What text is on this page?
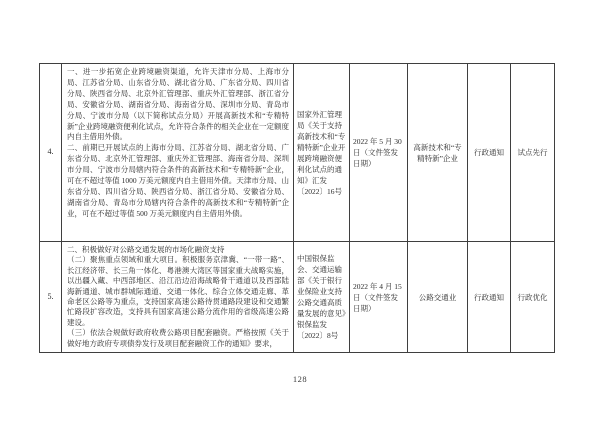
4.

一、进一步拓宽企业跨境融资渠道，允许天津市分局、上海市分局、江苏省分局、山东省分局、湖北省分局、广东省分局、四川省分局、陕西省分局、北京外汇管理部、重庆外汇管理部、浙江省分局、安徽省分局、湖南省分局、海南省分局、深圳市分局、青岛市分局、宁波市分局（以下简称试点分局）开展高新技术和“专精特新”企业跨境融资便利化试点，允许符合条件的相关企业在一定额度内自主借用外债。

二、前期已开展试点的上海市分局、江苏省分局、湖北省分局、广东省分局、北京外汇管理部、重庆外汇管理部、海南省分局、深圳市分局、宁波市分局辖内符合条件的高新技术和“专精特新”企业，可在不超过等值 1000 万美元额度内自主借用外债。天津市分局、山东省分局、四川省分局、陕西省分局、浙江省分局、安徽省分局、湖南省分局、青岛市分局辖内符合条件的高新技术和“专精特新”企业，可在不超过等值 500 万美元额度内自主借用外债。

国家外汇管理局《关于支持高新技术和“专精特新”企业开展跨境融资便利化试点的通知》汇发〔2022〕16号
2022 年 5 月 30 日（文件签发日期）
高新技术和“专精特新”企业
行政通知 试点先行
5.

二、积极做好对公路交通发展的市场化融资支持

（二）聚焦重点领域和重大项目。积极服务京津冀、“一带一路”、长江经济带、长三角一体化、粤港澳大湾区等国家重大战略实施，以出疆入藏、中西部地区、沿江沿边沿海战略骨干通道以及西部陆海新通道、城市群城际通道、交通一体化、综合立体交通走廊、革命老区公路等为重点，支持国家高速公路待贯通路段建设和交通繁忙路段扩容改造，支持具有国家高速公路分流作用的省级高速公路建设。

（三）依法合规做好政府收费公路项目配套融资。严格按照《关于做好地方政府专项债券发行及项目配套融资工作的通知》要求，

中国银保监会、交通运输部《关于银行业保险业支持公路交通高质量发展的意见》银保监发〔2022〕8号
2022 年 4 月 15 日（文件签发日期）
公路交通业 行政通知 行政优化
128
